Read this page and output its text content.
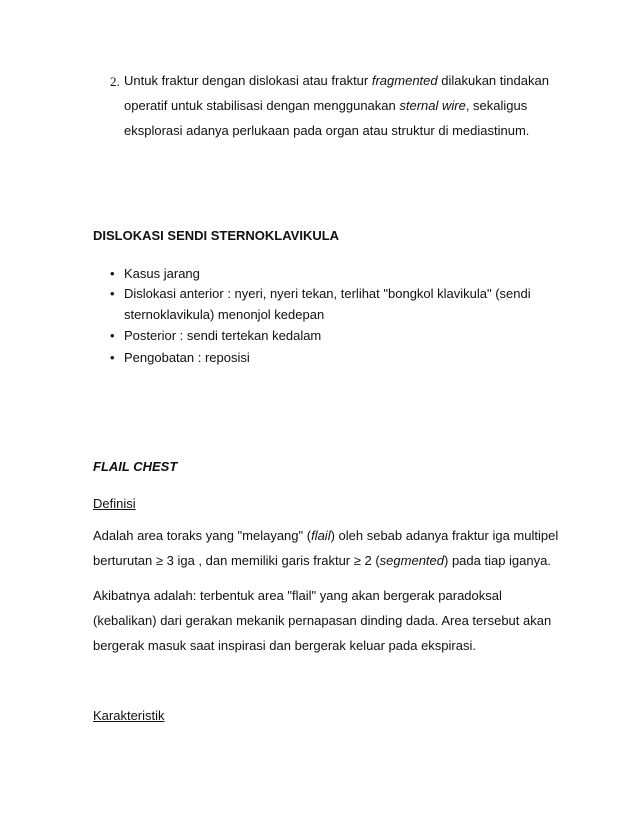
2. Untuk fraktur dengan dislokasi atau fraktur fragmented dilakukan tindakan
operatif untuk stabilisasi dengan menggunakan sternal wire, sekaligus
eksplorasi adanya perlukaan pada organ atau struktur di mediastinum.
DISLOKASI SENDI STERNOKLAVIKULA
• Kasus jarang
• Dislokasi anterior : nyeri, nyeri tekan, terlihat "bongkol klavikula" (sendi
sternoklavikula) menonjol kedepan
• Posterior : sendi tertekan kedalam
• Pengobatan : reposisi
FLAIL CHEST
Definisi
Adalah area toraks yang "melayang" (flail) oleh sebab adanya fraktur iga multipel
berturutan ≥ 3 iga , dan memiliki garis fraktur ≥ 2 (segmented) pada tiap iganya.
Akibatnya adalah: terbentuk area "flail" yang akan bergerak paradoksal
(kebalikan) dari gerakan mekanik pernapasan dinding dada. Area tersebut akan
bergerak masuk saat inspirasi dan bergerak keluar pada ekspirasi.
Karakteristik
